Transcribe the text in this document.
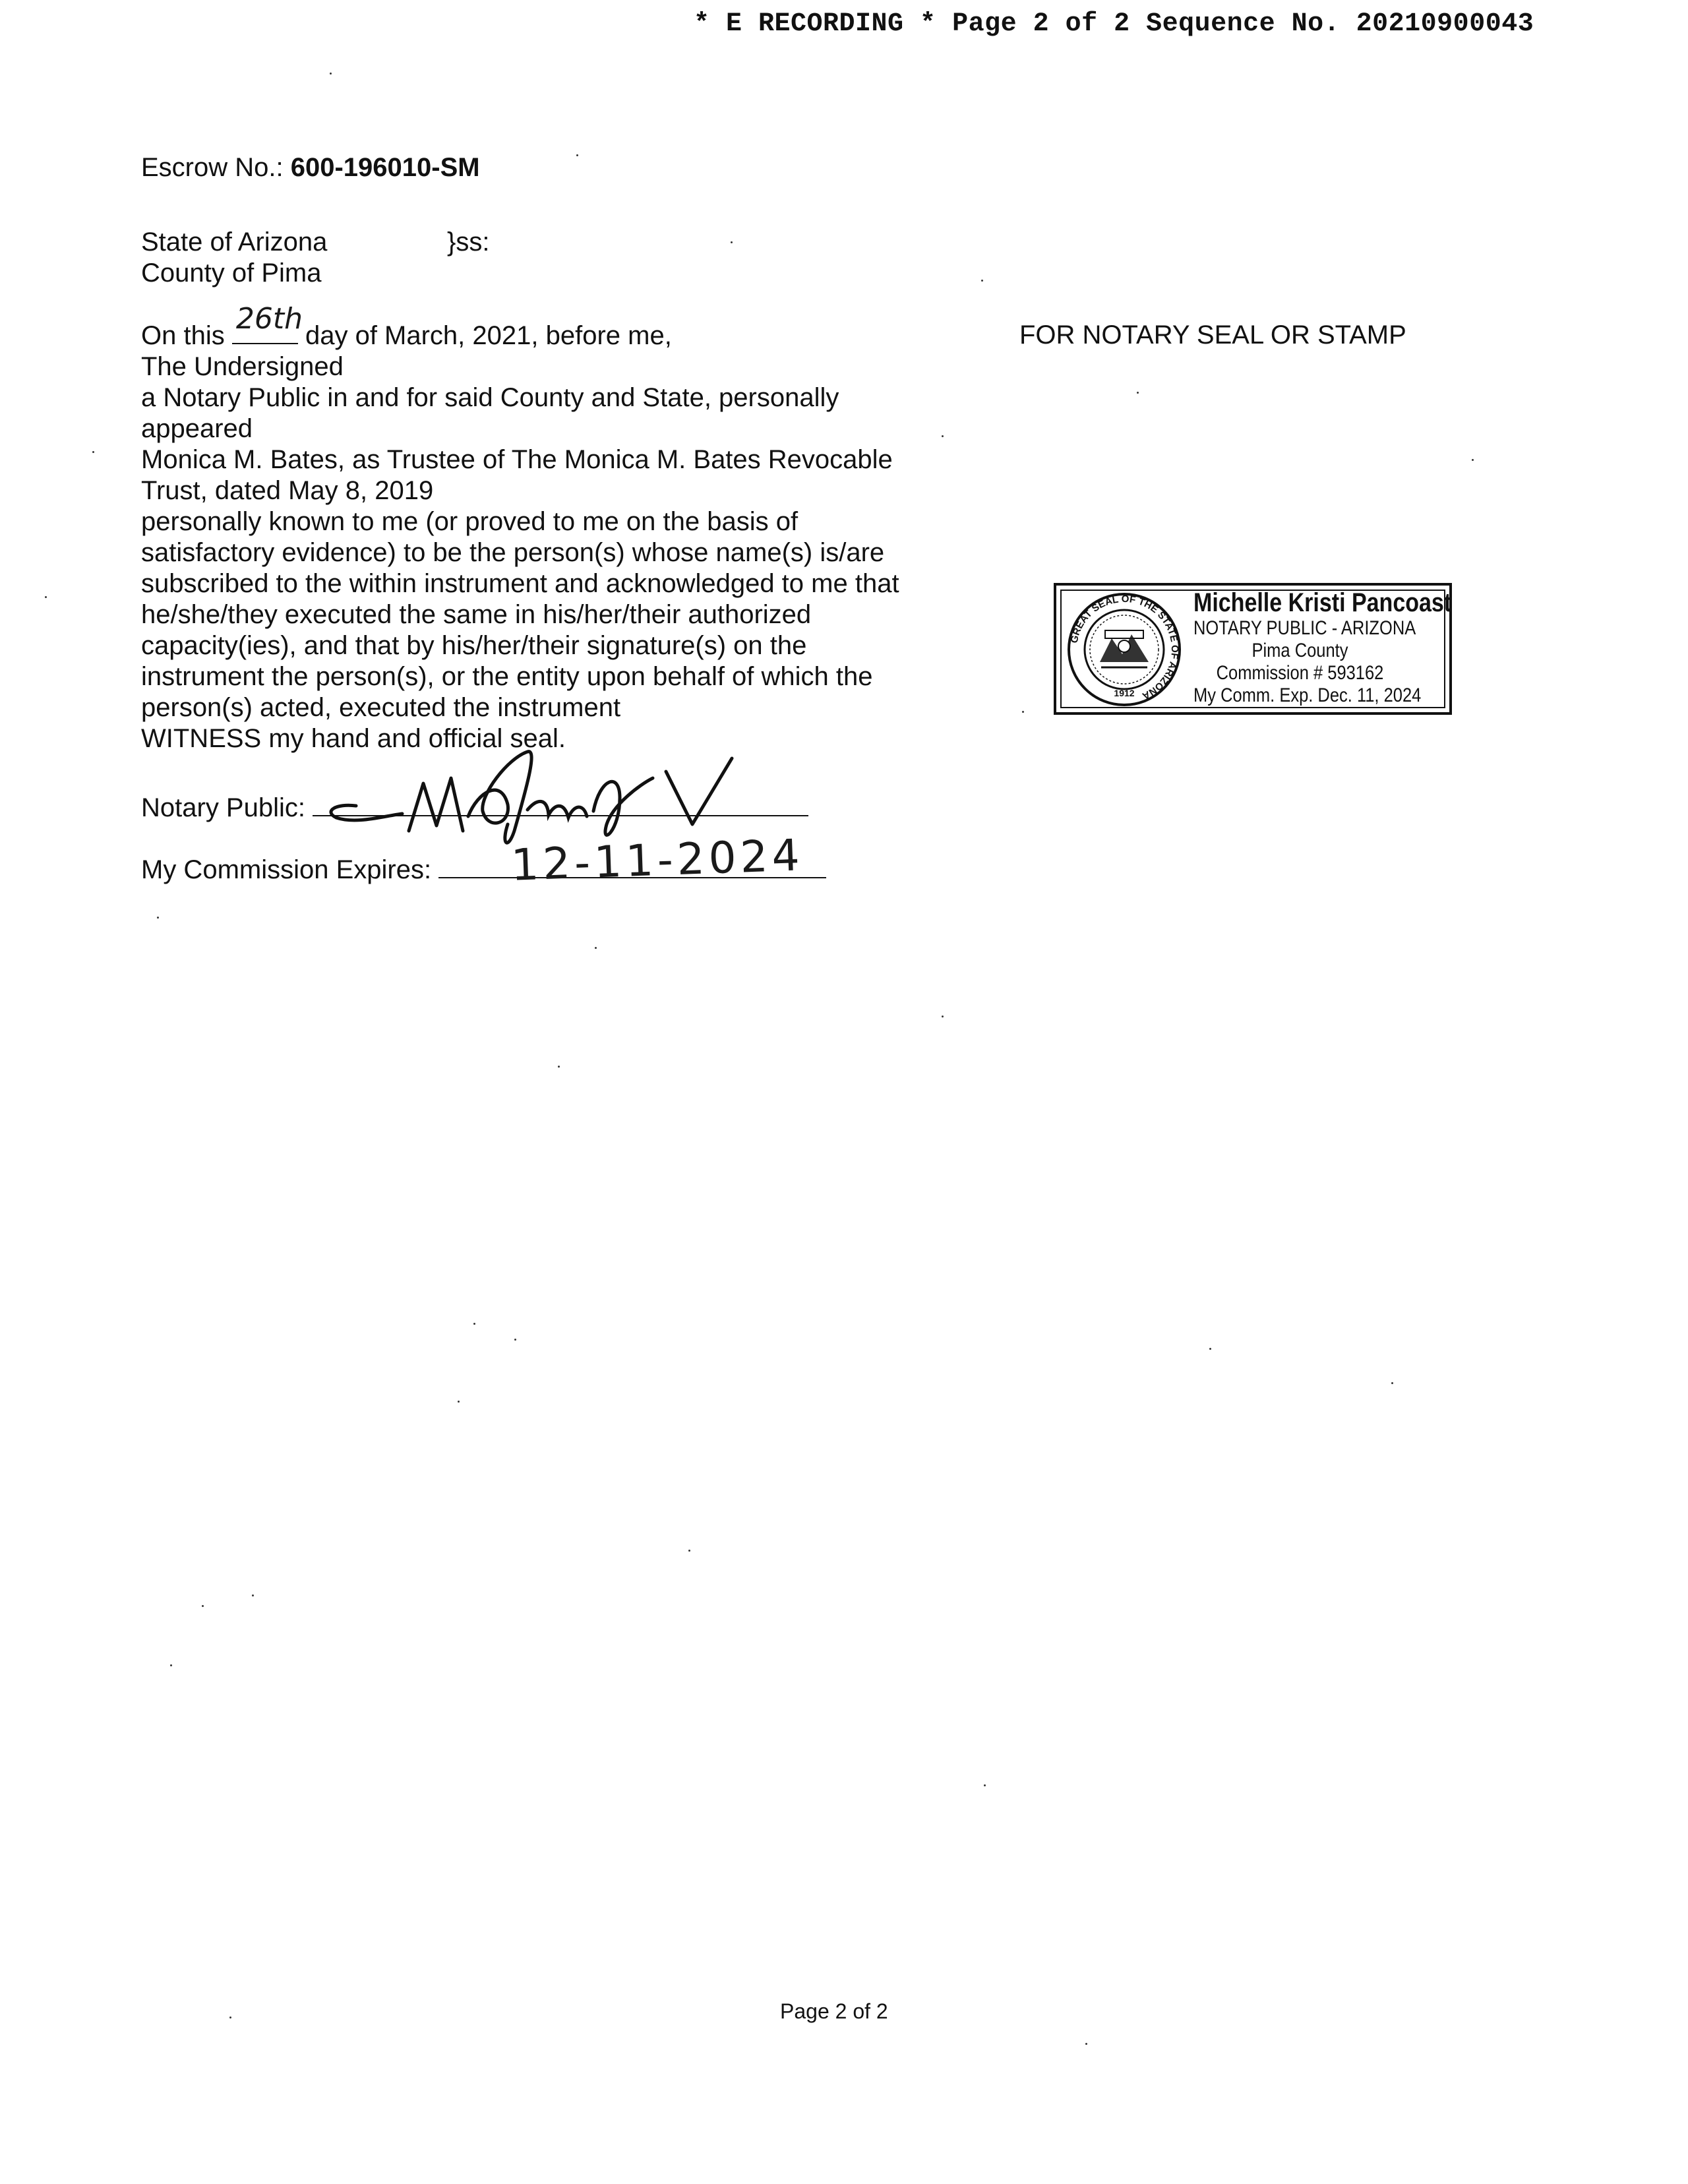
* E RECORDING * Page 2 of 2 Sequence No. 20210900043
Escrow No.: 600-196010-SM
State of Arizona
County of Pima
}ss:
On this 26th day of March, 2021, before me,
The Undersigned
a Notary Public in and for said County and State, personally
appeared
Monica M. Bates, as Trustee of The Monica M. Bates Revocable
Trust, dated May 8, 2019
personally known to me (or proved to me on the basis of
satisfactory evidence) to be the person(s) whose name(s) is/are
subscribed to the within instrument and acknowledged to me that
he/she/they executed the same in his/her/their authorized
capacity(ies), and that by his/her/their signature(s) on the
instrument the person(s), or the entity upon behalf of which the
person(s) acted, executed the instrument
WITNESS my hand and official seal.
Notary Public:
My Commission Expires: 12-11-2024
FOR NOTARY SEAL OR STAMP
GREAT SEAL OF THE STATE OF ARIZONA
1912
Michelle Kristi Pancoast
NOTARY PUBLIC - ARIZONA
Pima County
Commission # 593162
My Comm. Exp. Dec. 11, 2024
Page 2 of 2
